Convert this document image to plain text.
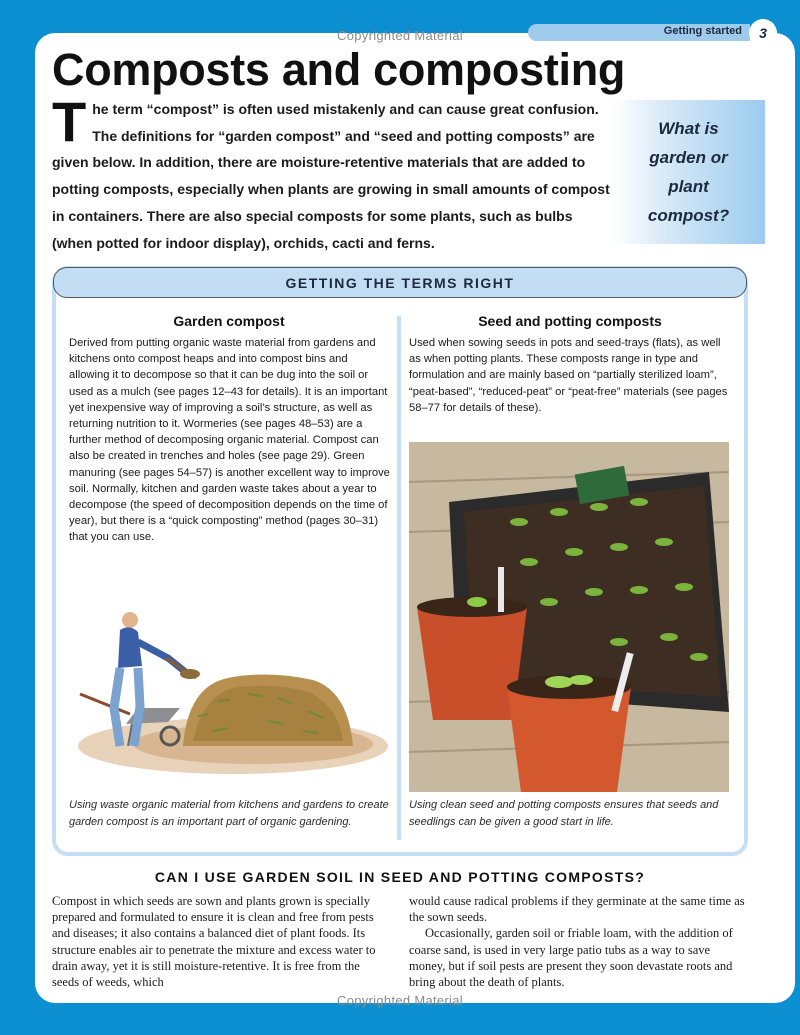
Copyrighted Material
Copyrighted Material
Getting started	3
Composts and composting
T he term “compost” is often used mistakenly and can cause great confusion. The definitions for “garden compost” and “seed and potting composts” are given below. In addition, there are moisture-retentive materials that are added to potting composts, especially when plants are growing in small amounts of compost in containers. There are also special composts for some plants, such as bulbs (when potted for indoor display), orchids, cacti and ferns.
What is garden or plant compost?
GETTING THE TERMS RIGHT
Garden compost
Derived from putting organic waste material from gardens and kitchens onto compost heaps and into compost bins and allowing it to decompose so that it can be dug into the soil or used as a mulch (see pages 12–43 for details). It is an important yet inexpensive way of improving a soil’s structure, as well as returning nutrition to it. Wormeries (see pages 48–53) are a further method of decomposing organic material. Compost can also be created in trenches and holes (see page 29). Green manuring (see pages 54–57) is another excellent way to improve soil. Normally, kitchen and garden waste takes about a year to decompose (the speed of decomposition depends on the time of year), but there is a “quick composting” method (pages 30–31) that you can use.
Seed and potting composts
Used when sowing seeds in pots and seed-trays (flats), as well as when potting plants. These composts range in type and formulation and are mainly based on “partially sterilized loam”, “peat-based”, “reduced-peat” or “peat-free” materials (see pages 58–77 for details of these).
Using waste organic material from kitchens and gardens to create garden compost is an important part of organic gardening.
Using clean seed and potting composts ensures that seeds and seedlings can be given a good start in life.
CAN I USE GARDEN SOIL IN SEED AND POTTING COMPOSTS?

Compost in which seeds are sown and plants grown is specially prepared and formulated to ensure it is clean and free from pests and diseases; it also contains a balanced diet of plant foods. Its structure enables air to penetrate the mixture and excess water to drain away, yet it is still moisture-retentive. It is free from the seeds of weeds, which

would cause radical problems if they germinate at the same time as the sown seeds.

Occasionally, garden soil or friable loam, with the addition of coarse sand, is used in very large patio tubs as a way to save money, but if soil pests are present they soon devastate roots and bring about the death of plants.
